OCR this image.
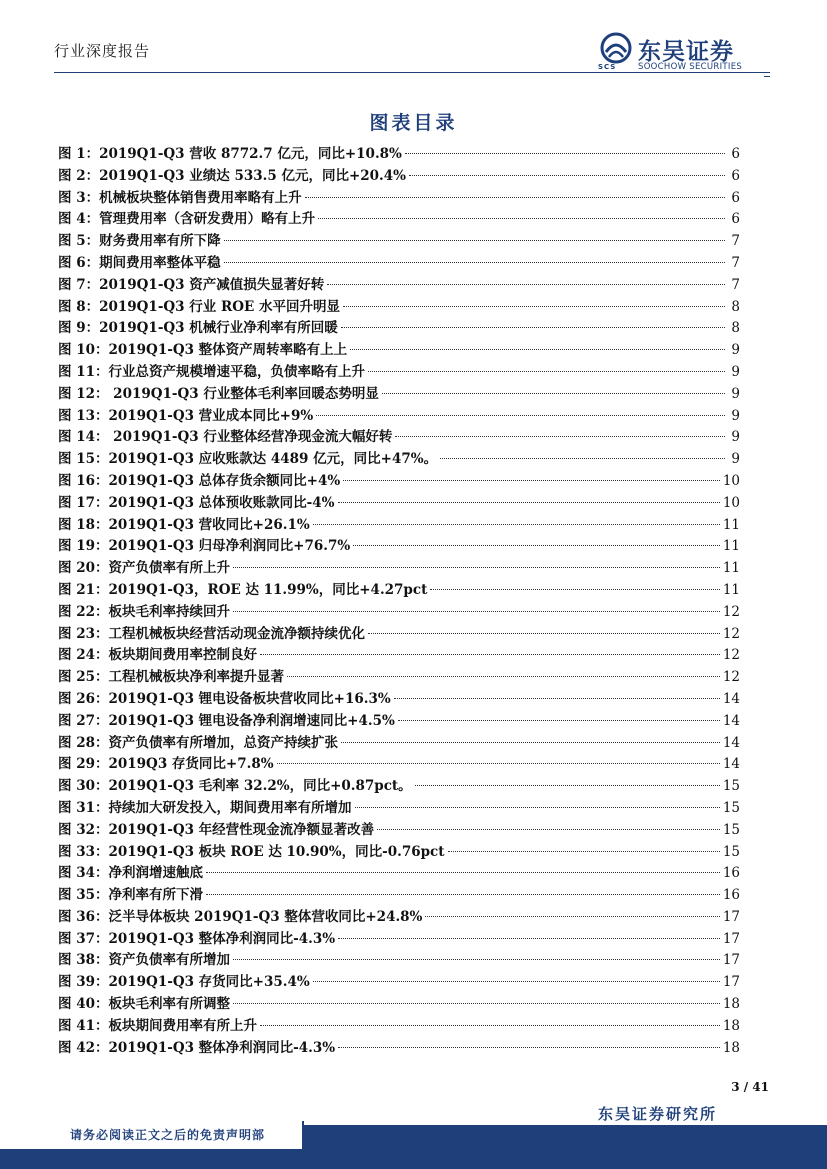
行业深度报告	东吴证券
SCS	SOOCHOW SECURITIES
图表目录
图 1：2019Q1-Q3 营收 8772.7 亿元，同比+10.8%	6
图 2：2019Q1-Q3 业绩达 533.5 亿元，同比+20.4%	6
图 3：机械板块整体销售费用率略有上升	6
图 4：管理费用率（含研发费用）略有上升	6
图 5：财务费用率有所下降	7
图 6：期间费用率整体平稳	7
图 7：2019Q1-Q3 资产减值损失显著好转	7
图 8：2019Q1-Q3 行业 ROE 水平回升明显	8
图 9：2019Q1-Q3 机械行业净利率有所回暖	8
图 10：2019Q1-Q3 整体资产周转率略有上上	9
图 11：行业总资产规模增速平稳，负债率略有上升	9
图 12： 2019Q1-Q3 行业整体毛利率回暖态势明显	9
图 13：2019Q1-Q3 营业成本同比+9%	9
图 14： 2019Q1-Q3 行业整体经营净现金流大幅好转	9
图 15：2019Q1-Q3 应收账款达 4489 亿元，同比+47%。	9
图 16：2019Q1-Q3 总体存货余额同比+4%	10
图 17：2019Q1-Q3 总体预收账款同比-4%	10
图 18：2019Q1-Q3 营收同比+26.1%	11
图 19：2019Q1-Q3 归母净利润同比+76.7%	11
图 20：资产负债率有所上升	11
图 21：2019Q1-Q3，ROE 达 11.99%，同比+4.27pct	11
图 22：板块毛利率持续回升	12
图 23：工程机械板块经营活动现金流净额持续优化	12
图 24：板块期间费用率控制良好	12
图 25：工程机械板块净利率提升显著	12
图 26：2019Q1-Q3 锂电设备板块营收同比+16.3%	14
图 27：2019Q1-Q3 锂电设备净利润增速同比+4.5%	14
图 28：资产负债率有所增加，总资产持续扩张	14
图 29：2019Q3 存货同比+7.8%	14
图 30：2019Q1-Q3 毛利率 32.2%，同比+0.87pct。	15
图 31：持续加大研发投入，期间费用率有所增加	15
图 32：2019Q1-Q3 年经营性现金流净额显著改善	15
图 33：2019Q1-Q3 板块 ROE 达 10.90%，同比-0.76pct	15
图 34：净利润增速触底	16
图 35：净利率有所下滑	16
图 36：泛半导体板块 2019Q1-Q3 整体营收同比+24.8%	17
图 37：2019Q1-Q3 整体净利润同比-4.3%	17
图 38：资产负债率有所增加	17
图 39：2019Q1-Q3 存货同比+35.4%	17
图 40：板块毛利率有所调整	18
图 41：板块期间费用率有所上升	18
图 42：2019Q1-Q3 整体净利润同比-4.3%	18
3 / 41
东吴证券研究所
请务必阅读正文之后的免责声明部
